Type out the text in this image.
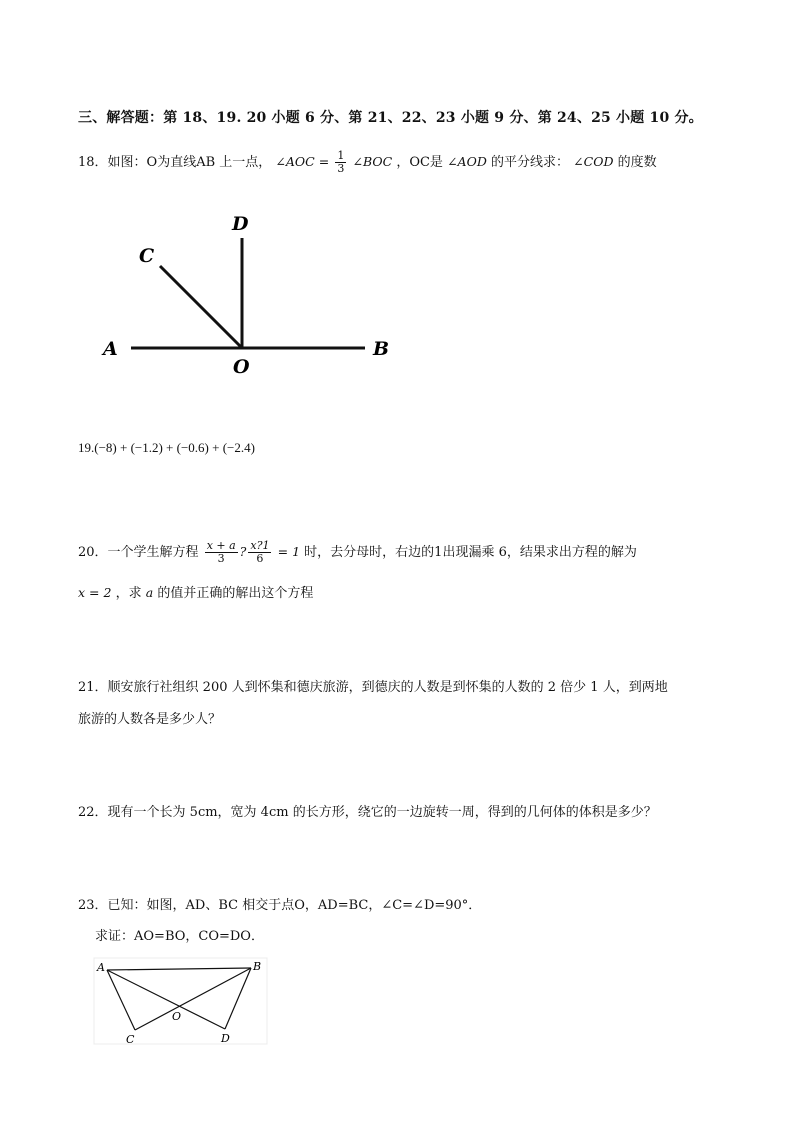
三、解答题：第 18、19. 20 小题 6 分、第 21、22、23 小题 9 分、第 24、25 小题 10 分。
18．如图：O为直线AB 上一点， ∠AOC = $\frac{1}{3}$ ∠BOC ，OC是 ∠AOD 的平分线求： ∠COD 的度数
A	B
C
D
O
19.(−8) + (−1.2) + (−0.6) + (−2.4)
20．一个学生解方程 $\frac{x + a}{3}$ ? $\frac{x?1}{6} = 1$ 时，去分母时，右边的1出现漏乘 6，结果求出方程的解为
x = 2 ，求 a 的值并正确的解出这个方程
21．顺安旅行社组织 200 人到怀集和德庆旅游，到德庆的人数是到怀集的人数的 2 倍少 1 人，到两地
旅游的人数各是多少人？
22．现有一个长为 5cm，宽为 4cm 的长方形，绕它的一边旋转一周，得到的几何体的体积是多少？
23．已知：如图，AD、BC 相交于点O，AD=BC，∠C=∠D=90°．
求证：AO=BO，CO=DO．
A	B
C	D
O
